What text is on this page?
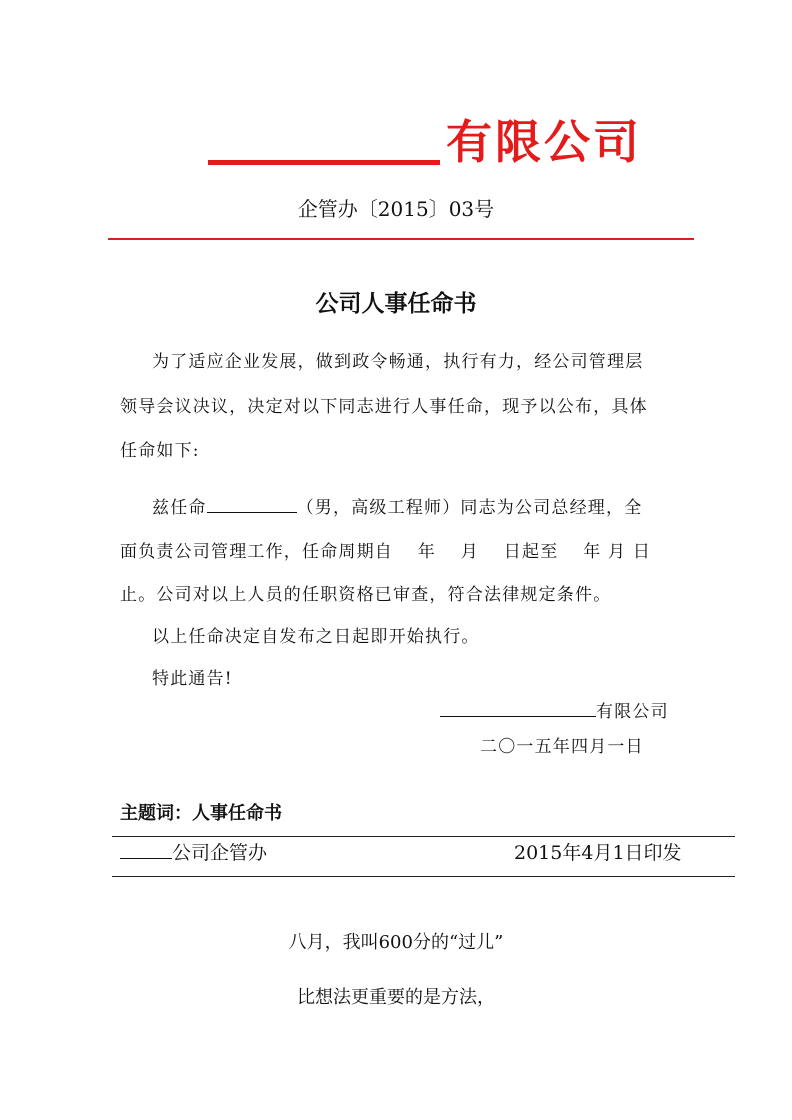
有限公司
企管办〔2015〕03号
公司人事任命书
为了适应企业发展，做到政令畅通，执行有力，经公司管理层
领导会议决议，决定对以下同志进行人事任命，现予以公布，具体
任命如下:
兹任命	（男，高级工程师）同志为公司总经理，全
面负责公司管理工作，任命周期自　 年　 月　 日起至　 年 月 日
止。公司对以上人员的任职资格已审查，符合法律规定条件。
以上任命决定自发布之日起即开始执行。
特此通告!
有限公司
二〇一五年四月一日
主题词：人事任命书
公司企管办	2015年4月1日印发
八月，我叫600分的“过儿”
比想法更重要的是方法，
